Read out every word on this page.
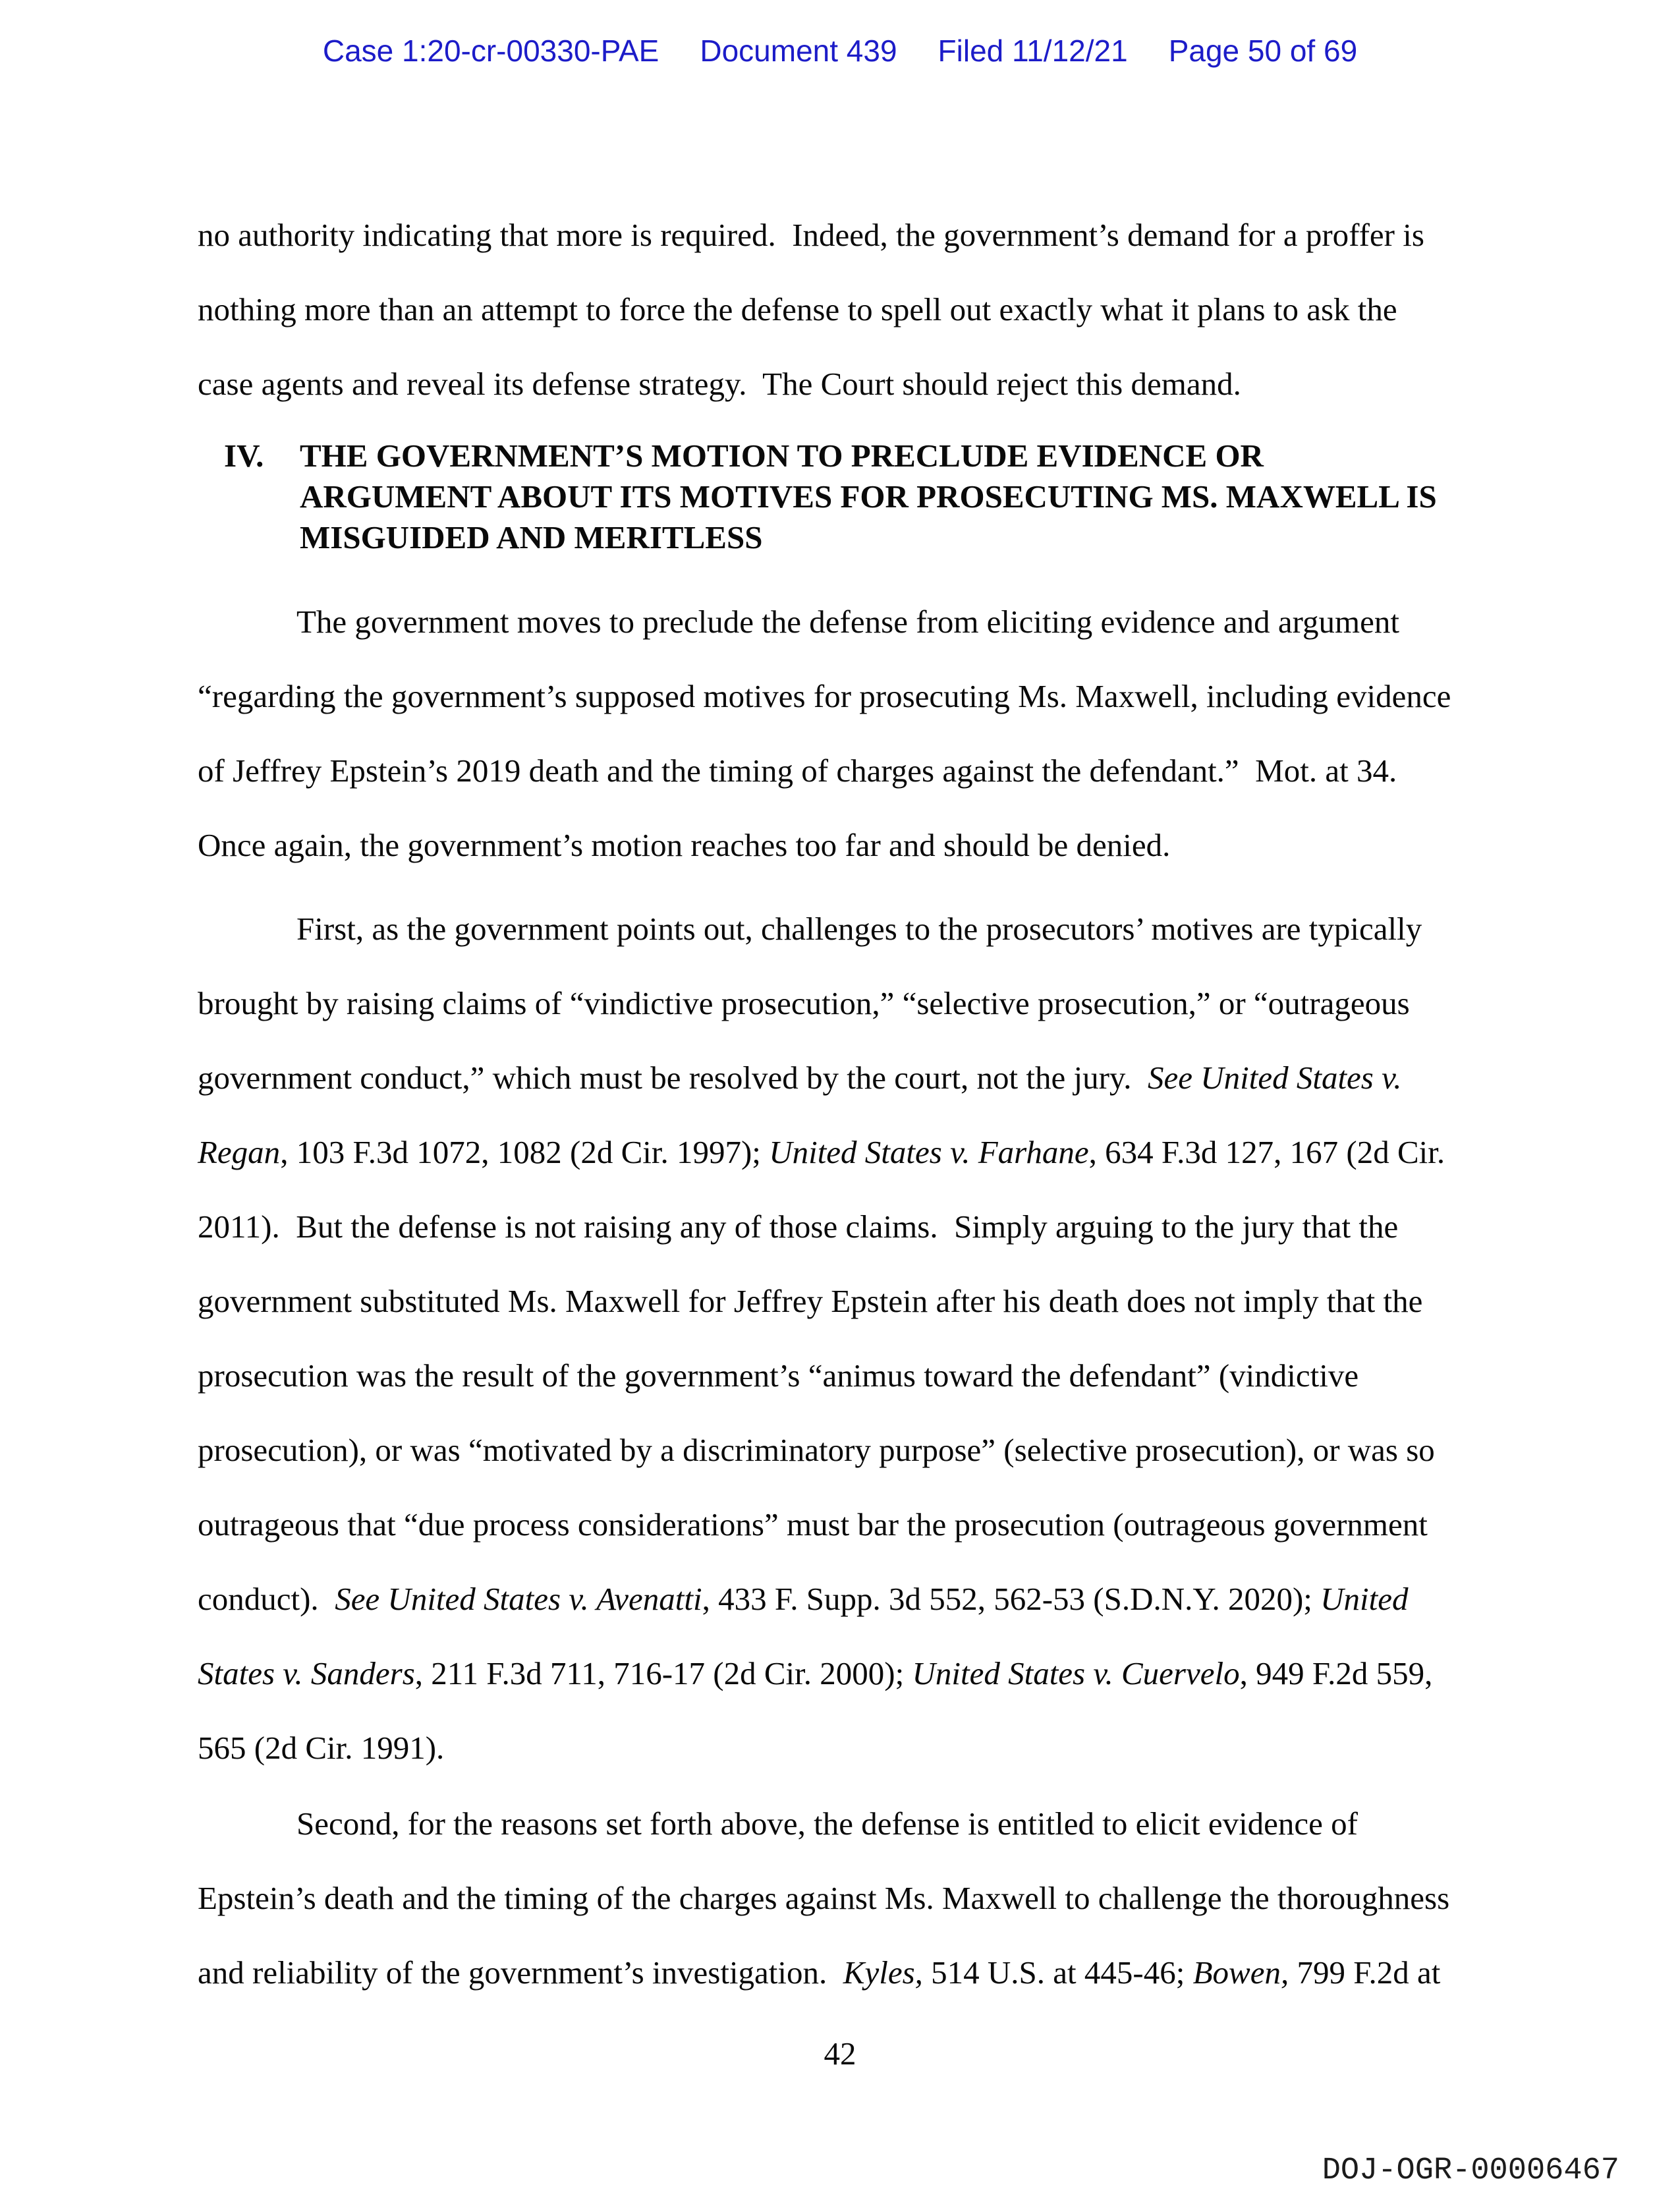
Case 1:20-cr-00330-PAE Document 439 Filed 11/12/21 Page 50 of 69
no authority indicating that more is required.  Indeed, the government’s demand for a proffer is
nothing more than an attempt to force the defense to spell out exactly what it plans to ask the
case agents and reveal its defense strategy.  The Court should reject this demand.
IV.	THE GOVERNMENT’S MOTION TO PRECLUDE EVIDENCE OR
ARGUMENT ABOUT ITS MOTIVES FOR PROSECUTING MS. MAXWELL IS
MISGUIDED AND MERITLESS
The government moves to preclude the defense from eliciting evidence and argument
“regarding the government’s supposed motives for prosecuting Ms. Maxwell, including evidence
of Jeffrey Epstein’s 2019 death and the timing of charges against the defendant.”  Mot. at 34.
Once again, the government’s motion reaches too far and should be denied.
First, as the government points out, challenges to the prosecutors’ motives are typically
brought by raising claims of “vindictive prosecution,” “selective prosecution,” or “outrageous
government conduct,” which must be resolved by the court, not the jury.  See United States v.
Regan, 103 F.3d 1072, 1082 (2d Cir. 1997); United States v. Farhane, 634 F.3d 127, 167 (2d Cir.
2011).  But the defense is not raising any of those claims.  Simply arguing to the jury that the
government substituted Ms. Maxwell for Jeffrey Epstein after his death does not imply that the
prosecution was the result of the government’s “animus toward the defendant” (vindictive
prosecution), or was “motivated by a discriminatory purpose” (selective prosecution), or was so
outrageous that “due process considerations” must bar the prosecution (outrageous government
conduct).  See United States v. Avenatti, 433 F. Supp. 3d 552, 562-53 (S.D.N.Y. 2020); United
States v. Sanders, 211 F.3d 711, 716-17 (2d Cir. 2000); United States v. Cuervelo, 949 F.2d 559,
565 (2d Cir. 1991).
Second, for the reasons set forth above, the defense is entitled to elicit evidence of
Epstein’s death and the timing of the charges against Ms. Maxwell to challenge the thoroughness
and reliability of the government’s investigation.  Kyles, 514 U.S. at 445-46; Bowen, 799 F.2d at
42
DOJ-OGR-00006467
